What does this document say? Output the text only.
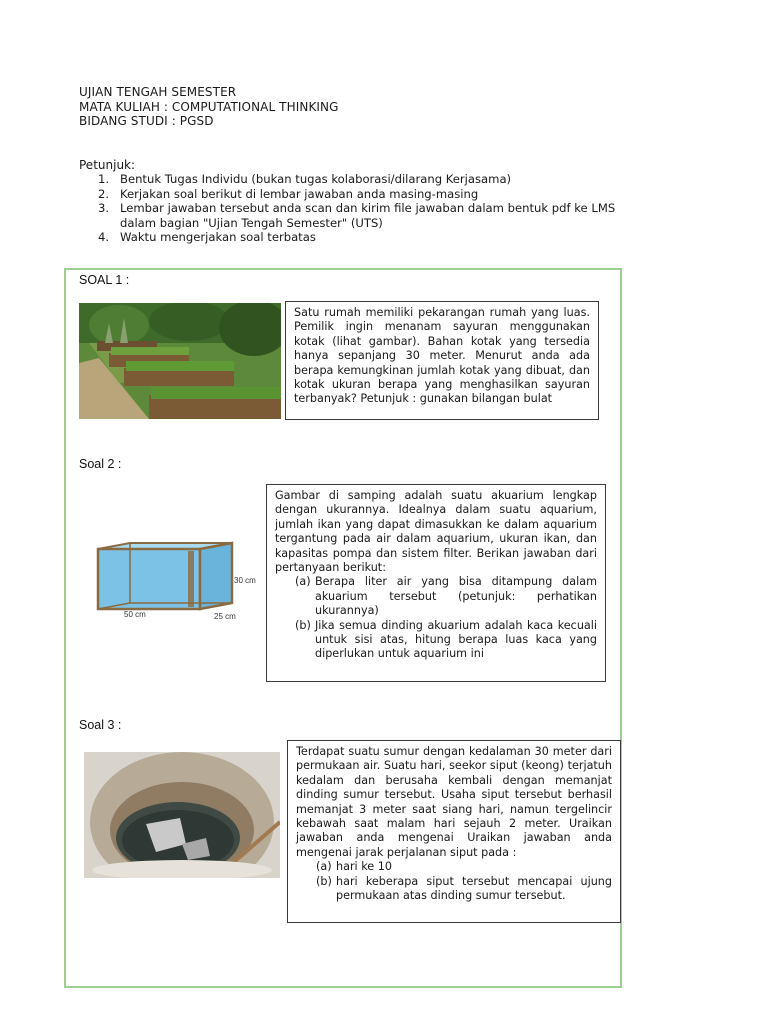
UJIAN TENGAH SEMESTER
MATA KULIAH : COMPUTATIONAL THINKING
BIDANG STUDI : PGSD
Petunjuk:
1. Bentuk Tugas Individu (bukan tugas kolaborasi/dilarang Kerjasama)
2. Kerjakan soal berikut di lembar jawaban anda masing-masing
3. Lembar jawaban tersebut anda scan dan kirim file jawaban dalam bentuk pdf ke LMS dalam bagian "Ujian Tengah Semester" (UTS)
4. Waktu mengerjakan soal terbatas
SOAL 1 :

Satu rumah memiliki pekarangan rumah yang luas. Pemilik ingin menanam sayuran menggunakan kotak (lihat gambar). Bahan kotak yang tersedia hanya sepanjang 30 meter. Menurut anda ada berapa kemungkinan jumlah kotak yang dibuat, dan kotak ukuran berapa yang menghasilkan sayuran terbanyak? Petunjuk : gunakan bilangan bulat

Soal 2 :
30 cm
50 cm	25 cm

Gambar di samping adalah suatu akuarium lengkap dengan ukurannya. Idealnya dalam suatu aquarium, jumlah ikan yang dapat dimasukkan ke dalam aquarium tergantung pada air dalam aquarium, ukuran ikan, dan kapasitas pompa dan sistem filter. Berikan jawaban dari pertanyaan berikut:

(a) Berapa liter air yang bisa ditampung dalam akuarium tersebut (petunjuk: perhatikan ukurannya)
(b) Jika semua dinding akuarium adalah kaca kecuali untuk sisi atas, hitung berapa luas kaca yang diperlukan untuk aquarium ini
Soal 3 :

Terdapat suatu sumur dengan kedalaman 30 meter dari permukaan air. Suatu hari, seekor siput (keong) terjatuh kedalam dan berusaha kembali dengan memanjat dinding sumur tersebut. Usaha siput tersebut berhasil memanjat 3 meter saat siang hari, namun tergelincir kebawah saat malam hari sejauh 2 meter. Uraikan jawaban anda mengenai Uraikan jawaban anda mengenai jarak perjalanan siput pada :

(a) hari ke 10
(b) hari keberapa siput tersebut mencapai ujung permukaan atas dinding sumur tersebut.
